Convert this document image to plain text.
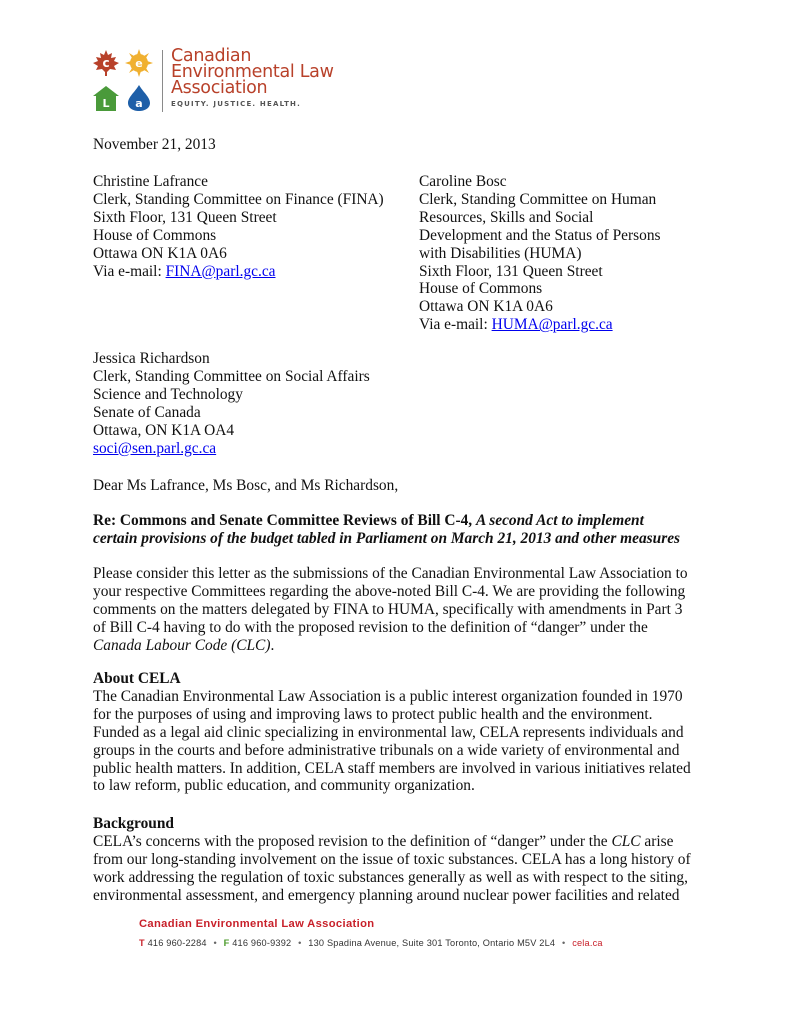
c e
L a
Canadian
Environmental Law
Association
EQUITY. JUSTICE. HEALTH.
November 21, 2013
Christine Lafrance
Clerk, Standing Committee on Finance (FINA)
Sixth Floor, 131 Queen Street
House of Commons
Ottawa ON K1A 0A6
Via e-mail: FINA@parl.gc.ca
Caroline Bosc
Clerk, Standing Committee on Human
Resources, Skills and Social
Development and the Status of Persons
with Disabilities (HUMA)
Sixth Floor, 131 Queen Street
House of Commons
Ottawa ON K1A 0A6
Via e-mail: HUMA@parl.gc.ca
Jessica Richardson
Clerk, Standing Committee on Social Affairs
Science and Technology
Senate of Canada
Ottawa, ON K1A OA4
soci@sen.parl.gc.ca
Dear Ms Lafrance, Ms Bosc, and Ms Richardson,
Re: Commons and Senate Committee Reviews of Bill C-4, A second Act to implement
certain provisions of the budget tabled in Parliament on March 21, 2013 and other measures
Please consider this letter as the submissions of the Canadian Environmental Law Association to
your respective Committees regarding the above-noted Bill C-4. We are providing the following
comments on the matters delegated by FINA to HUMA, specifically with amendments in Part 3
of Bill C-4 having to do with the proposed revision to the definition of “danger” under the
Canada Labour Code (CLC).
About CELA
The Canadian Environmental Law Association is a public interest organization founded in 1970
for the purposes of using and improving laws to protect public health and the environment.
Funded as a legal aid clinic specializing in environmental law, CELA represents individuals and
groups in the courts and before administrative tribunals on a wide variety of environmental and
public health matters. In addition, CELA staff members are involved in various initiatives related
to law reform, public education, and community organization.
Background
CELA’s concerns with the proposed revision to the definition of “danger” under the CLC arise
from our long-standing involvement on the issue of toxic substances. CELA has a long history of
work addressing the regulation of toxic substances generally as well as with respect to the siting,
environmental assessment, and emergency planning around nuclear power facilities and related
Canadian Environmental Law Association
T 416 960-2284 • F 416 960-9392 • 130 Spadina Avenue, Suite 301 Toronto, Ontario M5V 2L4 • cela.ca
